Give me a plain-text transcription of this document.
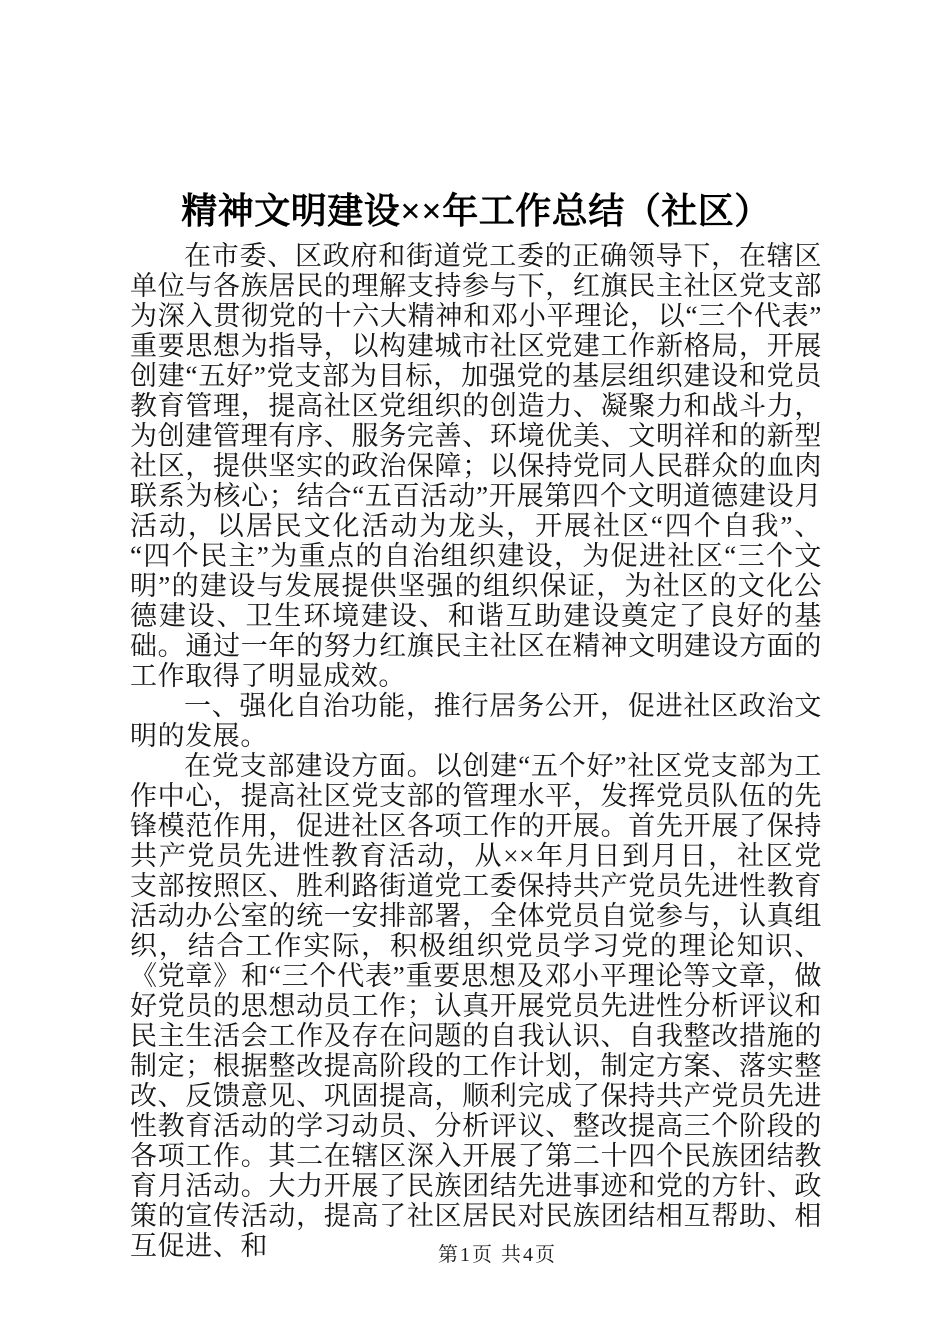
精神文明建设××年工作总结（社区）

在市委、区政府和街道党工委的正确领导下，在辖区单位与各族居民的理解支持参与下，红旗民主社区党支部为深入贯彻党的十六大精神和邓小平理论，以“三个代表”重要思想为指导，以构建城市社区党建工作新格局，开展创建“五好”党支部为目标，加强党的基层组织建设和党员教育管理，提高社区党组织的创造力、凝聚力和战斗力，为创建管理有序、服务完善、环境优美、文明祥和的新型社区，提供坚实的政治保障；以保持党同人民群众的血肉联系为核心；结合“五百活动”开展第四个文明道德建设月活动，以居民文化活动为龙头，开展社区“四个自我”、“四个民主”为重点的自治组织建设，为促进社区“三个文明”的建设与发展提供坚强的组织保证，为社区的文化公德建设、卫生环境建设、和谐互助建设奠定了良好的基础。通过一年的努力红旗民主社区在精神文明建设方面的工作取得了明显成效。

一、强化自治功能，推行居务公开，促进社区政治文明的发展。

在党支部建设方面。以创建“五个好”社区党支部为工作中心，提高社区党支部的管理水平，发挥党员队伍的先锋模范作用，促进社区各项工作的开展。首先开展了保持共产党员先进性教育活动，从××年月日到月日，社区党支部按照区、胜利路街道党工委保持共产党员先进性教育活动办公室的统一安排部署，全体党员自觉参与，认真组织，结合工作实际，积极组织党员学习党的理论知识、《党章》和“三个代表”重要思想及邓小平理论等文章，做好党员的思想动员工作；认真开展党员先进性分析评议和民主生活会工作及存在问题的自我认识、自我整改措施的制定；根据整改提高阶段的工作计划，制定方案、落实整改、反馈意见、巩固提高，顺利完成了保持共产党员先进性教育活动的学习动员、分析评议、整改提高三个阶段的各项工作。其二在辖区深入开展了第二十四个民族团结教育月活动。大力开展了民族团结先进事迹和党的方针、政策的宣传活动，提高了社区居民对民族团结相互帮助、相互促进、和	第1页 共4页
